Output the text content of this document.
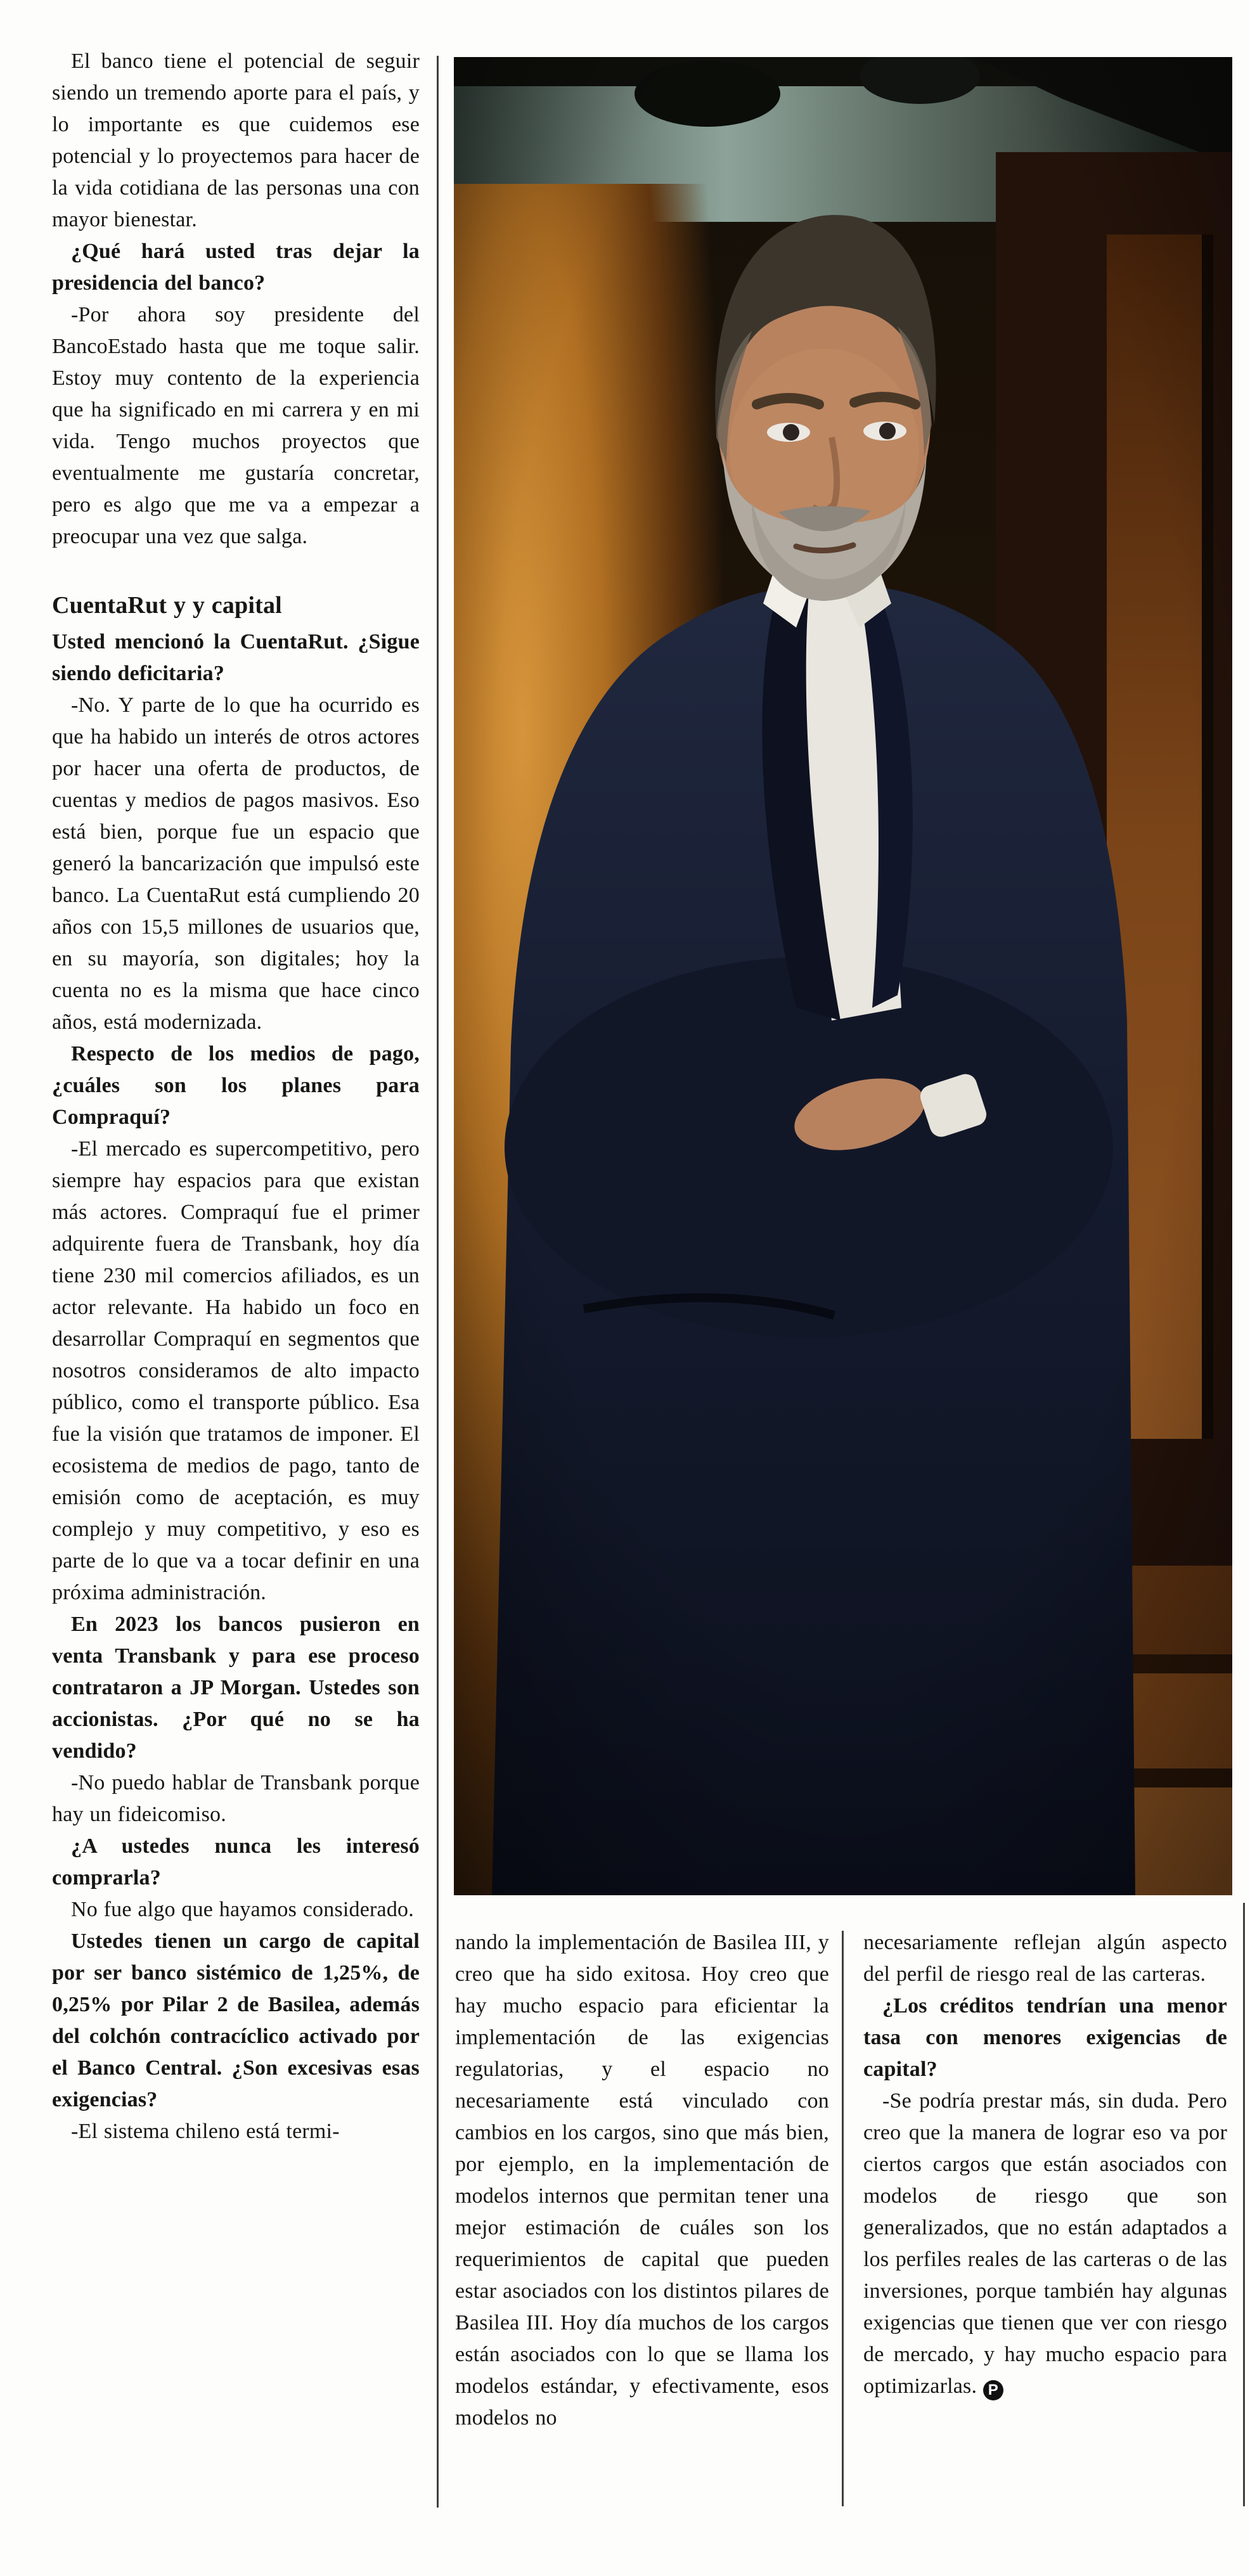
El banco tiene el potencial de seguir siendo un tremendo aporte para el país, y lo importante es que cuidemos ese potencial y lo proyectemos para hacer de la vida cotidiana de las personas una con mayor bienestar.

¿Qué hará usted tras dejar la presidencia del banco?

-Por ahora soy presidente del BancoEstado hasta que me toque salir. Estoy muy contento de la experiencia que ha significado en mi carrera y en mi vida. Tengo muchos proyectos que eventualmente me gustaría concretar, pero es algo que me va a empezar a preocupar una vez que salga.

CuentaRut y y capital

Usted mencionó la CuentaRut. ¿Sigue siendo deficitaria?

-No. Y parte de lo que ha ocurrido es que ha habido un interés de otros actores por hacer una oferta de productos, de cuentas y medios de pagos masivos. Eso está bien, porque fue un espacio que generó la bancarización que impulsó este banco. La CuentaRut está cumpliendo 20 años con 15,5 millones de usuarios que, en su mayoría, son digitales; hoy la cuenta no es la misma que hace cinco años, está modernizada.

Respecto de los medios de pago, ¿cuáles son los planes para Compraquí?

-El mercado es supercompetitivo, pero siempre hay espacios para que existan más actores. Compraquí fue el primer adquirente fuera de Transbank, hoy día tiene 230 mil comercios afiliados, es un actor relevante. Ha habido un foco en desarrollar Compraquí en segmentos que nosotros consideramos de alto impacto público, como el transporte público. Esa fue la visión que tratamos de imponer. El ecosistema de medios de pago, tanto de emisión como de aceptación, es muy complejo y muy competitivo, y eso es parte de lo que va a tocar definir en una próxima administración.

En 2023 los bancos pusieron en venta Transbank y para ese proceso contrataron a JP Morgan. Ustedes son accionistas. ¿Por qué no se ha vendido?

-No puedo hablar de Transbank porque hay un fideicomiso.

¿A ustedes nunca les interesó comprarla?

No fue algo que hayamos considerado.

Ustedes tienen un cargo de capital por ser banco sistémico de 1,25%, de 0,25% por Pilar 2 de Basilea, además del colchón contracíclico activado por el Banco Central. ¿Son excesivas esas exigencias?

-El sistema chileno está termi-

nando la implementación de Basilea III, y creo que ha sido exitosa. Hoy creo que hay mucho espacio para eficientar la implementación de las exigencias regulatorias, y el espacio no necesariamente está vinculado con cambios en los cargos, sino que más bien, por ejemplo, en la implementación de modelos internos que permitan tener una mejor estimación de cuáles son los requerimientos de capital que pueden estar asociados con los distintos pilares de Basilea III. Hoy día muchos de los cargos están asociados con lo que se llama los modelos estándar, y efectivamente, esos modelos no

necesariamente reflejan algún aspecto del perfil de riesgo real de las carteras.

¿Los créditos tendrían una menor tasa con menores exigencias de capital?

-Se podría prestar más, sin duda. Pero creo que la manera de lograr eso va por ciertos cargos que están asociados con modelos de riesgo que son generalizados, que no están adaptados a los perfiles reales de las carteras o de las inversiones, porque también hay algunas exigencias que tienen que ver con riesgo de mercado, y hay mucho espacio para optimizarlas. P
